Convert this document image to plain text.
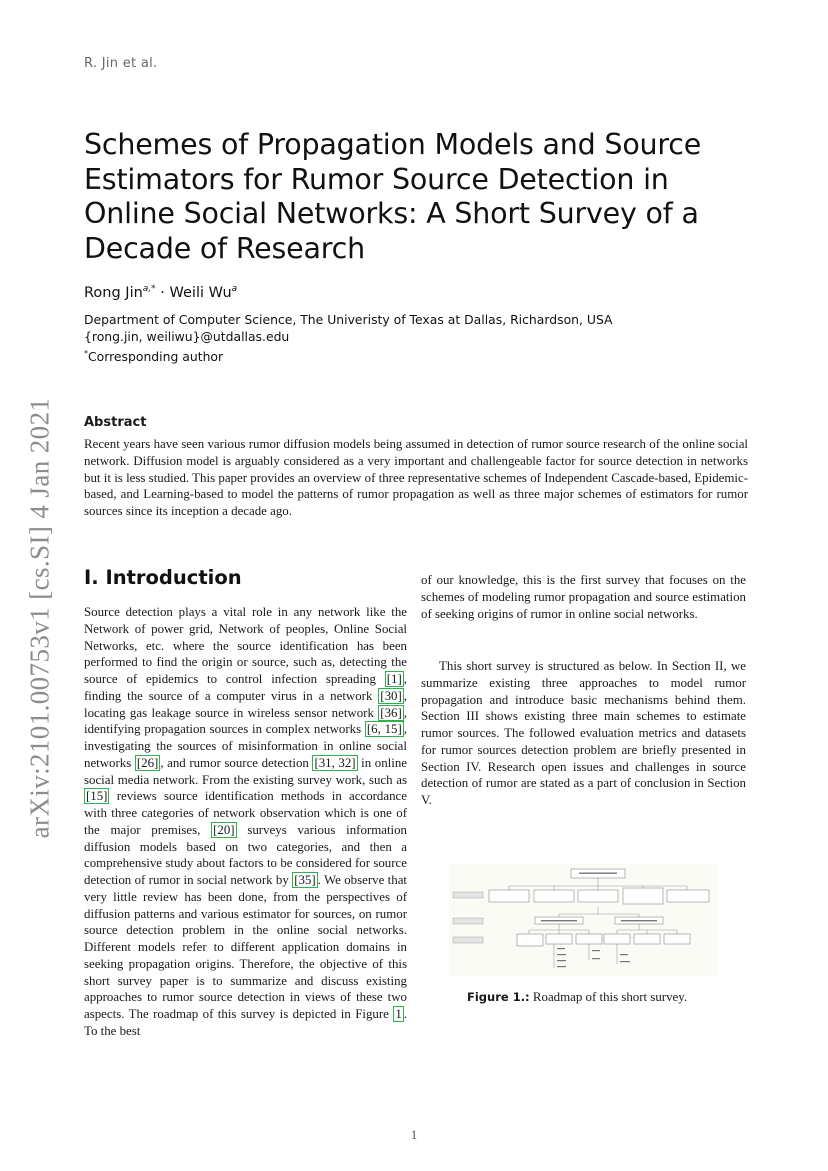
R. Jin et al.
arXiv:2101.00753v1 [cs.SI] 4 Jan 2021
Schemes of Propagation Models and Source Estimators for Rumor Source Detection in Online Social Networks: A Short Survey of a Decade of Research
Rong Jin$^{a,*}$ · Weili Wu$^a$
Department of Computer Science, The Univeristy of Texas at Dallas, Richardson, USA
{rong.jin, weiliwu}@utdallas.edu
*Corresponding author
Abstract

Recent years have seen various rumor diffusion models being assumed in detection of rumor source research of the online social network. Diffusion model is arguably considered as a very important and challengeable factor for source detection in networks but it is less studied. This paper provides an overview of three representative schemes of Independent Cascade-based, Epidemic-based, and Learning-based to model the patterns of rumor propagation as well as three major schemes of estimators for rumor sources since its inception a decade ago.

I. Introduction

Source detection plays a vital role in any network like the Network of power grid, Network of peoples, Online Social Networks, etc. where the source identification has been performed to find the origin or source, such as, detecting the source of epidemics to control infection spreading [1] , finding the source of a computer virus in a network [30] , locating gas leakage source in wireless sensor network [36] , identifying propagation sources in complex networks [6, 15] , investigating the sources of misinformation in online social networks [26] , and rumor source detection [31, 32] in online social media network. From the existing survey work, such as [15] reviews source identification methods in accordance with three categories of network observation which is one of the major premises, [20] surveys various information diffusion models based on two categories, and then a comprehensive study about factors to be considered for source detection of rumor in social network by [35] . We observe that very little review has been done, from the perspectives of diffusion patterns and various estimator for sources, on rumor source detection problem in the online social networks. Different models refer to different application domains in seeking propagation origins. Therefore, the objective of this short survey paper is to summarize and discuss existing approaches to rumor source detection in views of these two aspects. The roadmap of this survey is depicted in Figure 1 . To the best

of our knowledge, this is the first survey that focuses on the schemes of modeling rumor propagation and source estimation of seeking origins of rumor in online social networks.

This short survey is structured as below. In Section II, we summarize existing three approaches to model rumor propagation and introduce basic mechanisms behind them. Section III shows existing three main schemes to estimate rumor sources. The followed evaluation metrics and datasets for rumor sources detection problem are briefly presented in Section IV. Research open issues and challenges in source detection of rumor are stated as a part of conclusion in Section V.

Figure 1.: Roadmap of this short survey.
1
